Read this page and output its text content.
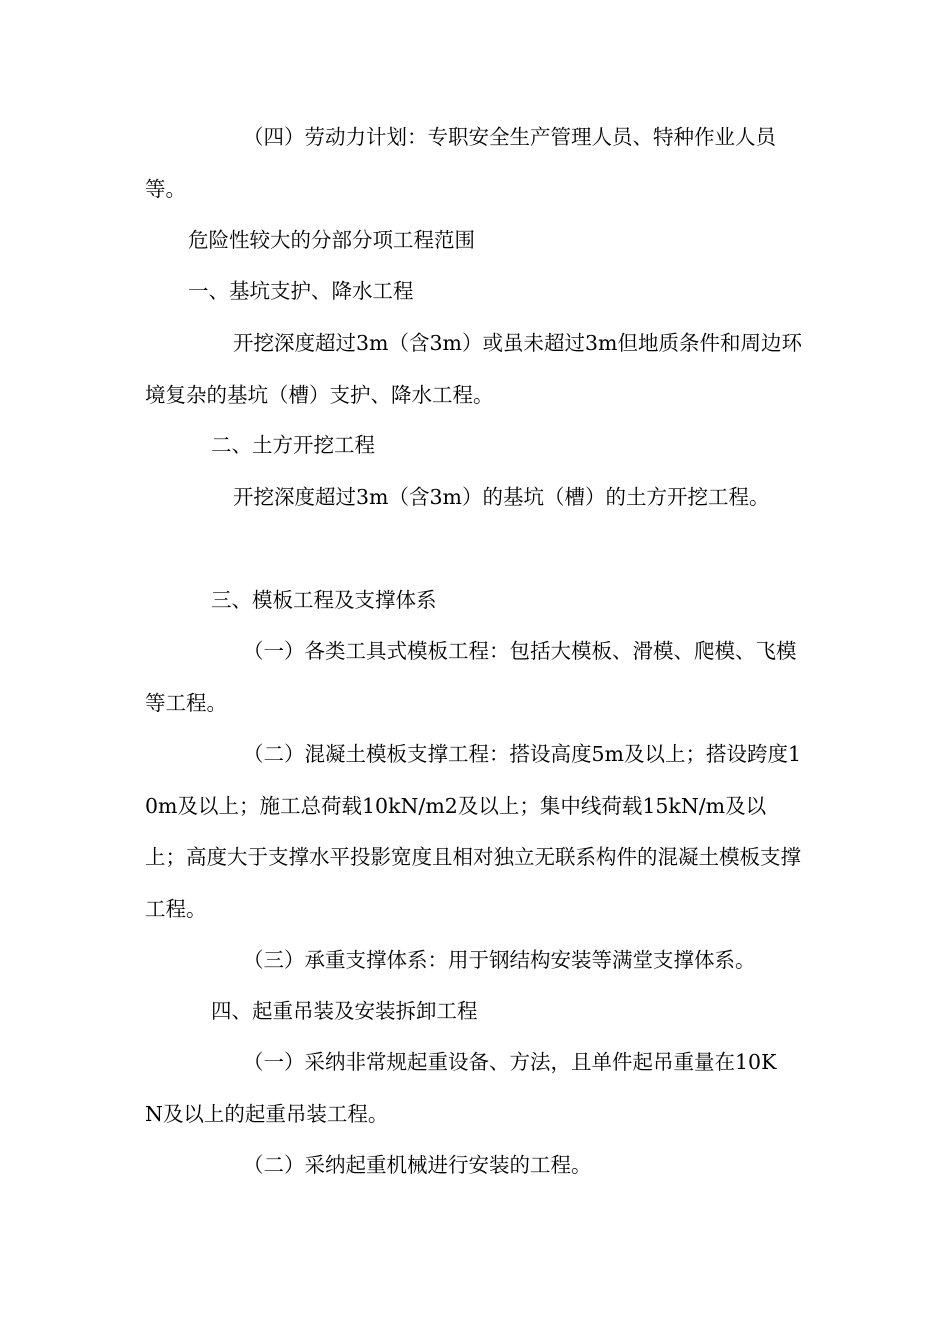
（四）劳动力计划：专职安全生产管理人员、特种作业人员等。

危险性较大的分部分项工程范围

一、基坑支护、降水工程

开挖深度超过3m（含3m）或虽未超过3m但地质条件和周边环境复杂的基坑（槽）支护、降水工程。

二、土方开挖工程

开挖深度超过3m（含3m）的基坑（槽）的土方开挖工程。

三、模板工程及支撑体系

（一）各类工具式模板工程：包括大模板、滑模、爬模、飞模等工程。

（二）混凝土模板支撑工程：搭设高度5m及以上；搭设跨度10m及以上；施工总荷载10kN/m2及以上；集中线荷载15kN/m及以上；高度大于支撑水平投影宽度且相对独立无联系构件的混凝土模板支撑工程。

（三）承重支撑体系：用于钢结构安装等满堂支撑体系。

四、起重吊装及安装拆卸工程

（一）采纳非常规起重设备、方法，且单件起吊重量在10KN及以上的起重吊装工程。

（二）采纳起重机械进行安装的工程。
